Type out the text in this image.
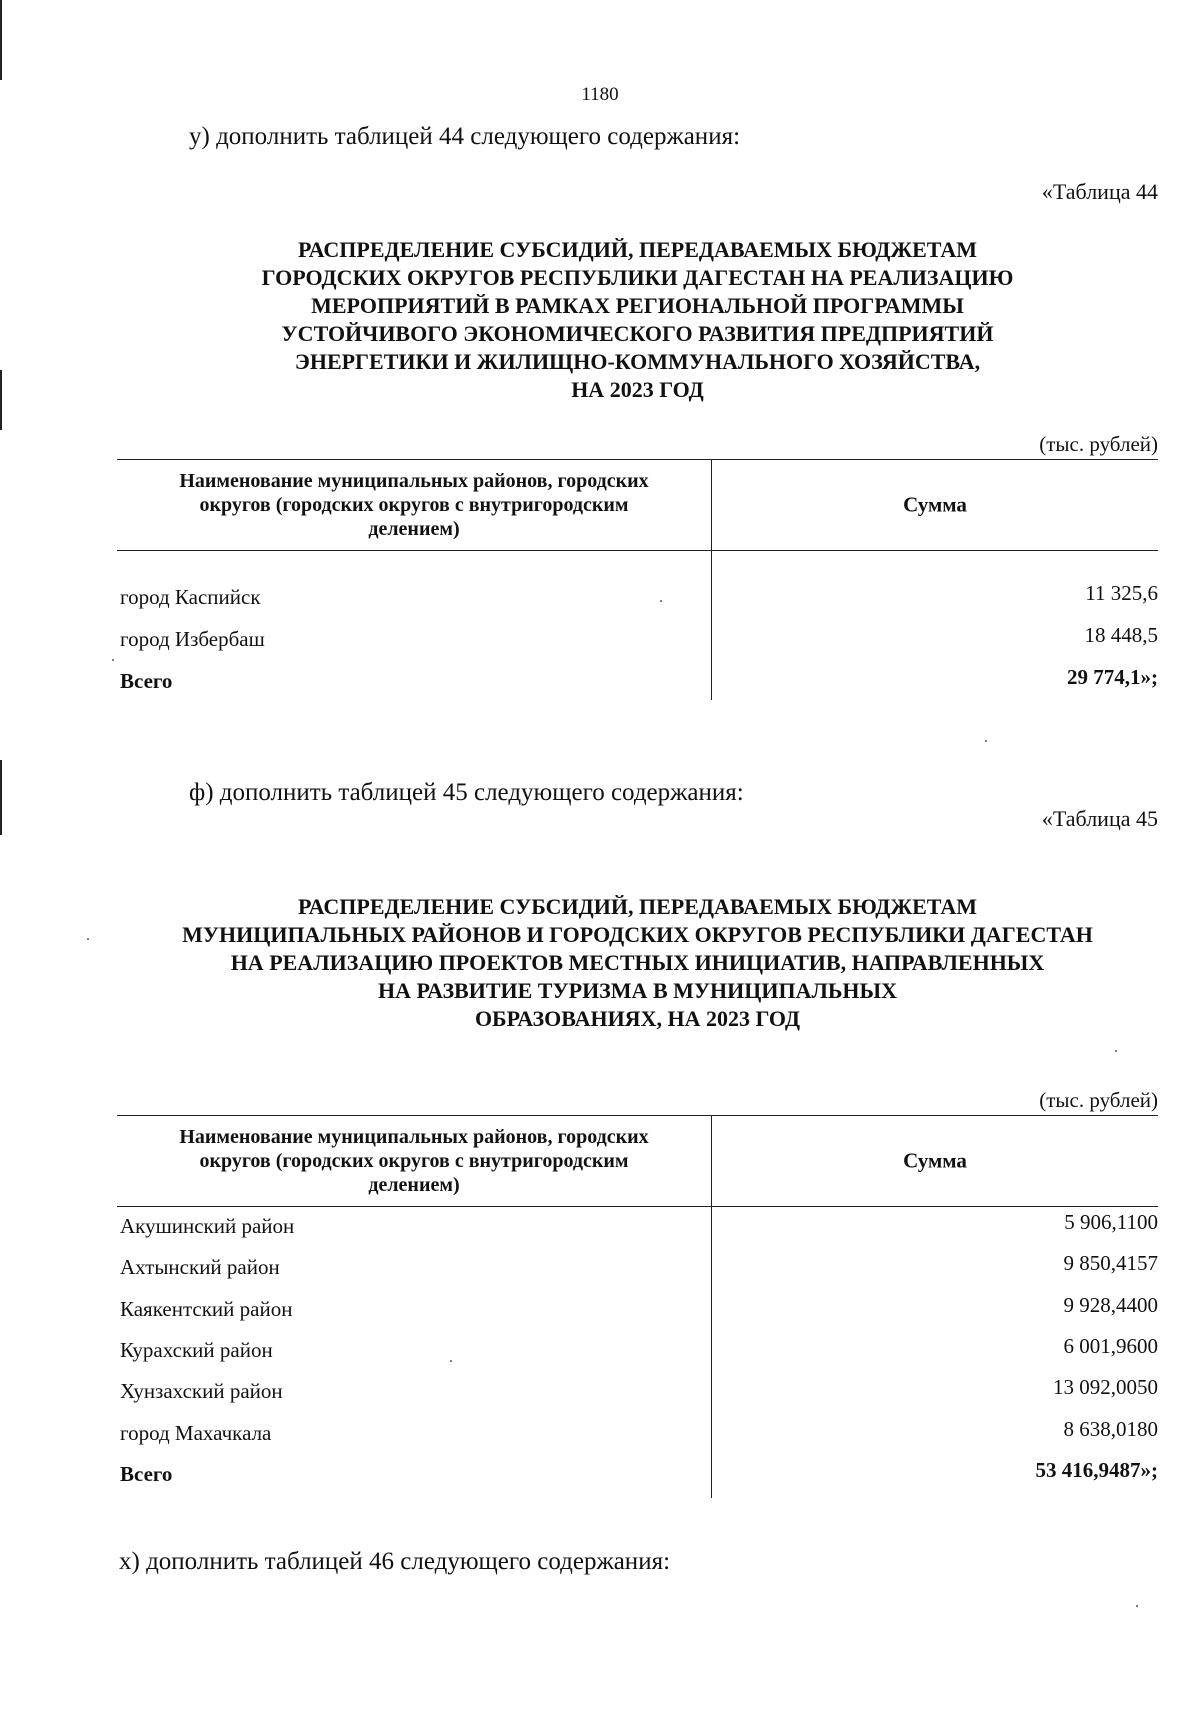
1180
у) дополнить таблицей 44 следующего содержания:
«Таблица 44
РАСПРЕДЕЛЕНИЕ СУБСИДИЙ, ПЕРЕДАВАЕМЫХ БЮДЖЕТАМ
ГОРОДСКИХ ОКРУГОВ РЕСПУБЛИКИ ДАГЕСТАН НА РЕАЛИЗАЦИЮ
МЕРОПРИЯТИЙ В РАМКАХ РЕГИОНАЛЬНОЙ ПРОГРАММЫ
УСТОЙЧИВОГО ЭКОНОМИЧЕСКОГО РАЗВИТИЯ ПРЕДПРИЯТИЙ
ЭНЕРГЕТИКИ И ЖИЛИЩНО-КОММУНАЛЬНОГО ХОЗЯЙСТВА,
НА 2023 ГОД
(тыс. рублей)
Наименование муниципальных районов, городских
округов (городских округов с внутригородским
делением)
Сумма
город Каспийск	11 325,6
город Избербаш	18 448,5
Всего	29 774,1»;
ф) дополнить таблицей 45 следующего содержания:
«Таблица 45
РАСПРЕДЕЛЕНИЕ СУБСИДИЙ, ПЕРЕДАВАЕМЫХ БЮДЖЕТАМ
МУНИЦИПАЛЬНЫХ РАЙОНОВ И ГОРОДСКИХ ОКРУГОВ РЕСПУБЛИКИ ДАГЕСТАН
НА РЕАЛИЗАЦИЮ ПРОЕКТОВ МЕСТНЫХ ИНИЦИАТИВ, НАПРАВЛЕННЫХ
НА РАЗВИТИЕ ТУРИЗМА В МУНИЦИПАЛЬНЫХ
ОБРАЗОВАНИЯХ, НА 2023 ГОД
(тыс. рублей)
Наименование муниципальных районов, городских
округов (городских округов с внутригородским
делением)
Сумма
Акушинский район	5 906,1100
Ахтынский район	9 850,4157
Каякентский район	9 928,4400
Курахский район	6 001,9600
Хунзахский район	13 092,0050
город Махачкала	8 638,0180
Всего	53 416,9487»;
х) дополнить таблицей 46 следующего содержания:
